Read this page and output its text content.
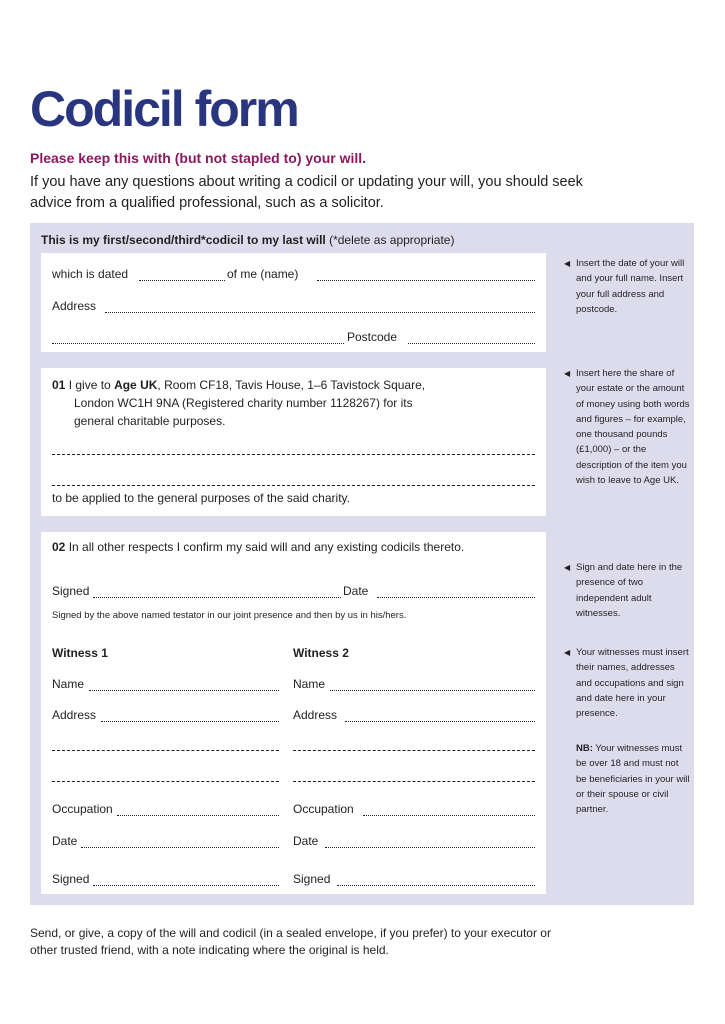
Codicil form
Please keep this with (but not stapled to) your will.
If you have any questions about writing a codicil or updating your will, you should seek advice from a qualified professional, such as a solicitor.
This is my first/second/third*codicil to my last will (*delete as appropriate)
which is dated	of me (name)
Address
Postcode
01 I give to Age UK, Room CF18, Tavis House, 1–6 Tavistock Square,
London WC1H 9NA (Registered charity number 1128267) for its
general charitable purposes.
to be applied to the general purposes of the said charity.
02 In all other respects I confirm my said will and any existing codicils thereto.
Signed	Date
Signed by the above named testator in our joint presence and then by us in his/hers.
Witness 1
Name
Address
Occupation
Date
Signed
Witness 2
Name
Address
Occupation
Date
Signed
◀ Insert the date of your will and your full name. Insert your full address and postcode.
◀ Insert here the share of your estate or the amount of money using both words and figures – for example, one thousand pounds (£1,000) – or the description of the item you wish to leave to Age UK.
◀ Sign and date here in the presence of two independent adult witnesses.
◀ Your witnesses must insert their names, addresses and occupations and sign and date here in your presence.
NB: Your witnesses must be over 18 and must not be beneficiaries in your will or their spouse or civil partner.
Send, or give, a copy of the will and codicil (in a sealed envelope, if you prefer) to your executor or other trusted friend, with a note indicating where the original is held.
